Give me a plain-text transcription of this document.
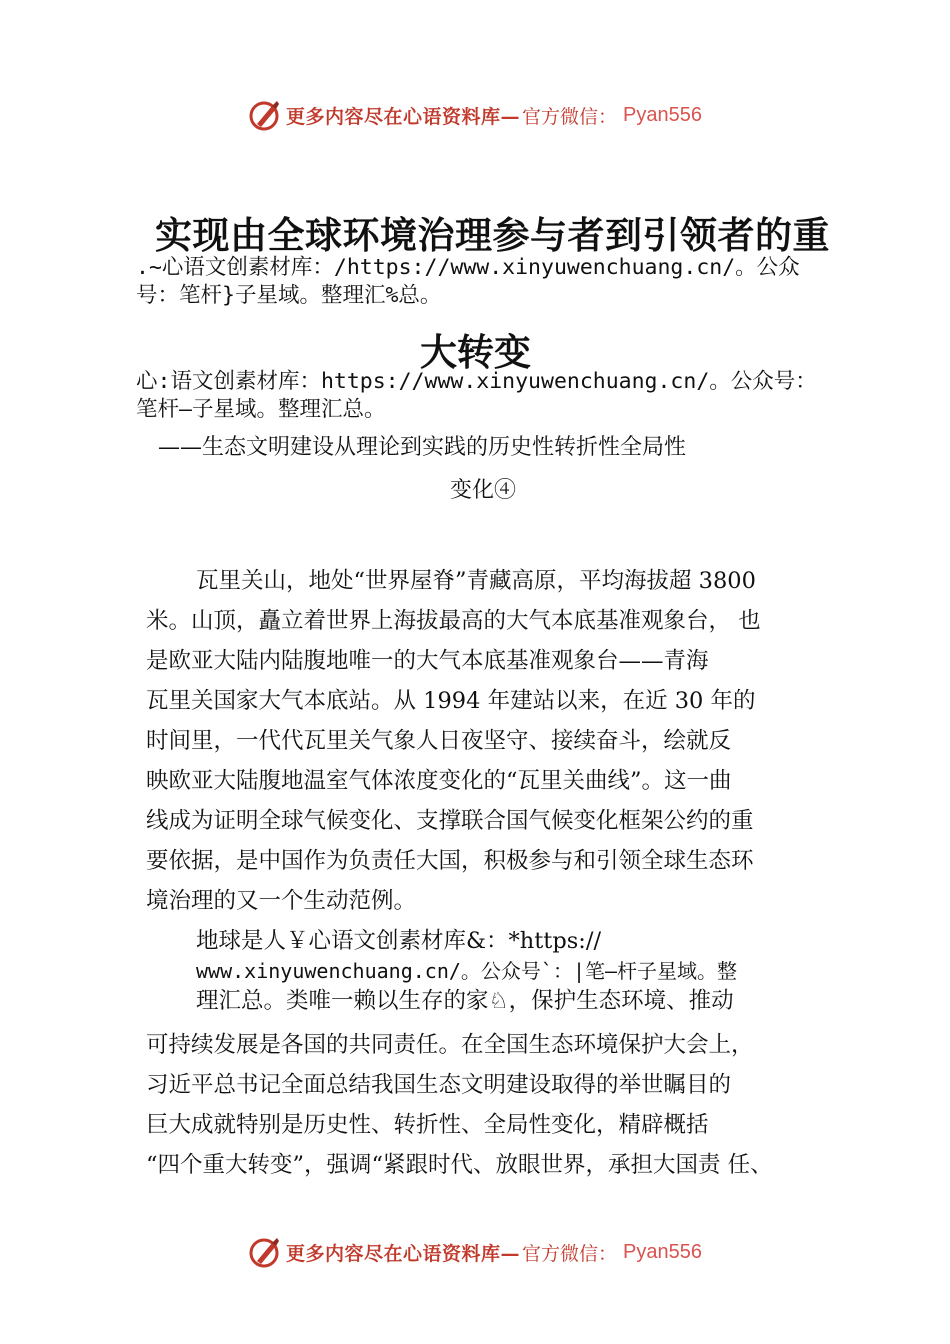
更多内容尽在心语资料库— 官方微信： Pyan556
实现由全球环境治理参与者到引领者的重
.~心语文创素材库：/https://www.xinyuwenchuang.cn/。公众
号：笔杆}子星域。整理汇%总。
大转变
心:语文创素材库：https://www.xinyuwenchuang.cn/。公众号：
笔杆—子星域。整理汇总。
——生态文明建设从理论到实践的历史性转折性全局性
变化④
瓦里关山，地处“世界屋脊”青藏高原，平均海拔超 3800
米。山顶，矗立着世界上海拔最高的大气本底基准观象台， 也
是欧亚大陆内陆腹地唯一的大气本底基准观象台——青海
瓦里关国家大气本底站。从 1994 年建站以来，在近 30 年的
时间里，一代代瓦里关气象人日夜坚守、接续奋斗，绘就反
映欧亚大陆腹地温室气体浓度变化的“瓦里关曲线”。这一曲
线成为证明全球气候变化、支撑联合国气候变化框架公约的重
要依据，是中国作为负责任大国，积极参与和引领全球生态环
境治理的又一个生动范例。
地球是人￥心语文创素材库&：*https://
www.xinyuwenchuang.cn/。公众号`：|笔—杆子星域。整
理汇总。类唯一赖以生存的家♘，保护生态环境、推动
可持续发展是各国的共同责任。在全国生态环境保护大会上，
习近平总书记全面总结我国生态文明建设取得的举世瞩目的
巨大成就特别是历史性、转折性、全局性变化，精辟概括
“四个重大转变”，强调“紧跟时代、放眼世界，承担大国责 任、
更多内容尽在心语资料库— 官方微信： Pyan556
